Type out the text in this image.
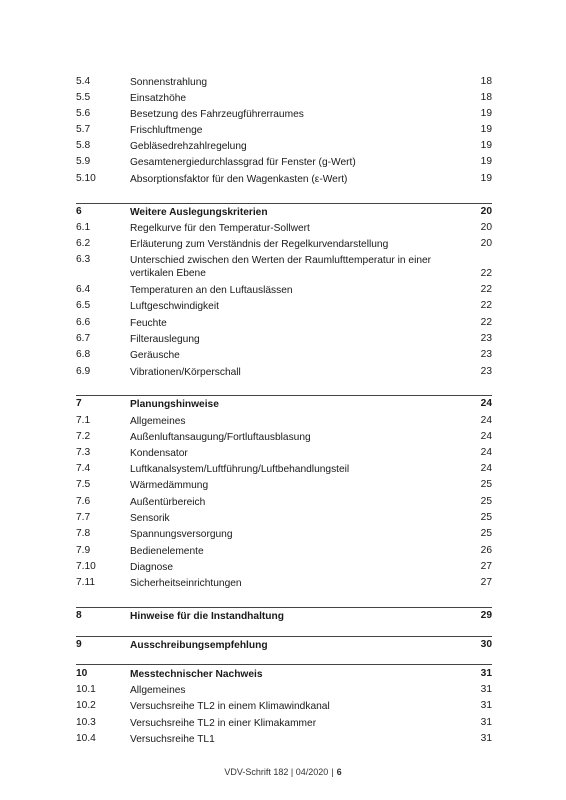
5.4	Sonnenstrahlung	18
5.5	Einsatzhöhe	18
5.6	Besetzung des Fahrzeugführerraumes	19
5.7	Frischluftmenge	19
5.8	Gebläsedrehzahlregelung	19
5.9	Gesamtenergiedurchlassgrad für Fenster (g-Wert)	19
5.10	Absorptionsfaktor für den Wagenkasten (ε-Wert)	19
6	Weitere Auslegungskriterien	20
6.1	Regelkurve für den Temperatur-Sollwert	20
6.2	Erläuterung zum Verständnis der Regelkurvendarstellung	20
6.3	Unterschied zwischen den Werten der Raumlufttemperatur in einer vertikalen Ebene	22
6.4	Temperaturen an den Luftauslässen	22
6.5	Luftgeschwindigkeit	22
6.6	Feuchte	22
6.7	Filterauslegung	23
6.8	Geräusche	23
6.9	Vibrationen/Körperschall	23
7	Planungshinweise	24
7.1	Allgemeines	24
7.2	Außenluftansaugung/Fortluftausblasung	24
7.3	Kondensator	24
7.4	Luftkanalsystem/Luftführung/Luftbehandlungsteil	24
7.5	Wärmedämmung	25
7.6	Außentürbereich	25
7.7	Sensorik	25
7.8	Spannungsversorgung	25
7.9	Bedienelemente	26
7.10	Diagnose	27
7.11	Sicherheitseinrichtungen	27
8	Hinweise für die Instandhaltung	29
9	Ausschreibungsempfehlung	30
10	Messtechnischer Nachweis	31
10.1	Allgemeines	31
10.2	Versuchsreihe TL2 in einem Klimawindkanal	31
10.3	Versuchsreihe TL2 in einer Klimakammer	31
10.4	Versuchsreihe TL1	31
VDV-Schrift 182 | 04/2020 | 6
